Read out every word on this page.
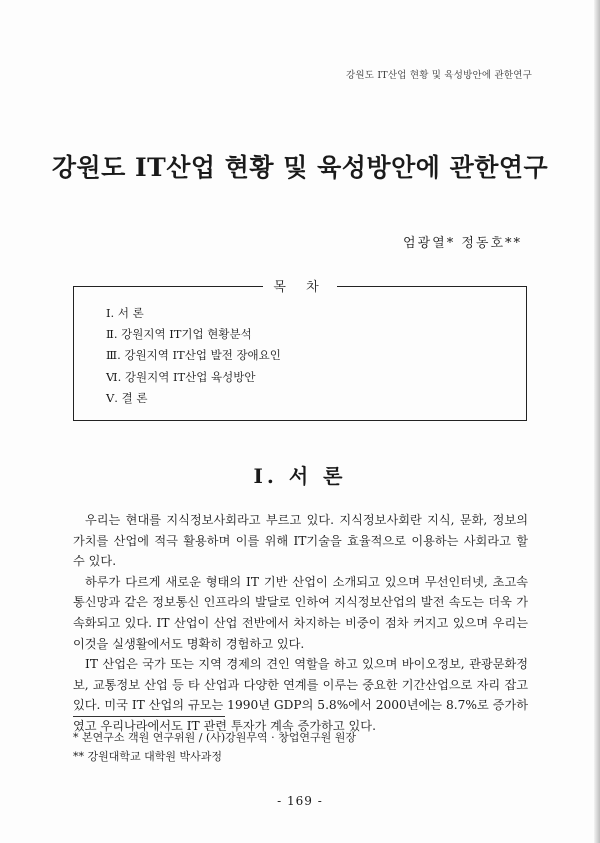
강원도 IT산업 현황 및 육성방안에 관한연구
강원도 IT산업 현황 및 육성방안에 관한연구
엄광열* 정동호**
목 차
Ⅰ. 서 론
Ⅱ. 강원지역 IT기업 현황분석
Ⅲ. 강원지역 IT산업 발전 장애요인
Ⅵ. 강원지역 IT산업 육성방안
Ⅴ. 결 론
Ⅰ. 서 론

우리는 현대를 지식정보사회라고 부르고 있다. 지식정보사회란 지식, 문화, 정보의 가치를 산업에 적극 활용하며 이를 위해 IT기술을 효율적으로 이용하는 사회라고 할 수 있다.

하루가 다르게 새로운 형태의 IT 기반 산업이 소개되고 있으며 무선인터넷, 초고속 통신망과 같은 정보통신 인프라의 발달로 인하여 지식정보산업의 발전 속도는 더욱 가속화되고 있다. IT 산업이 산업 전반에서 차지하는 비중이 점차 커지고 있으며 우리는 이것을 실생활에서도 명확히 경험하고 있다.

IT 산업은 국가 또는 지역 경제의 견인 역할을 하고 있으며 바이오정보, 관광문화정보, 교통정보 산업 등 타 산업과 다양한 연계를 이루는 중요한 기간산업으로 자리 잡고 있다. 미국 IT 산업의 규모는 1990년 GDP의 5.8%에서 2000년에는 8.7%로 증가하였고 우리나라에서도 IT 관련 투자가 계속 증가하고 있다.

* 본연구소 객원 연구위원 / (사)강원무역 · 창업연구원 원장
** 강원대학교 대학원 박사과정
- 169 -
